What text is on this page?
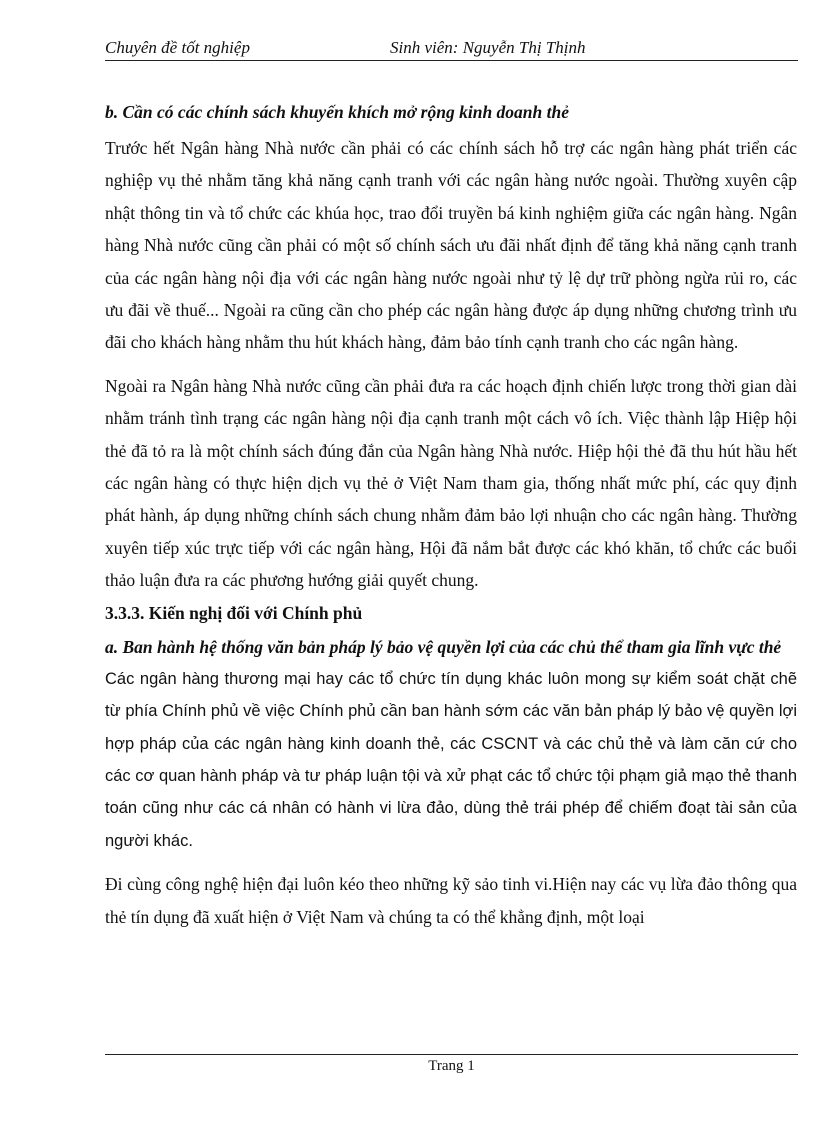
Chuyên đề tốt nghiệp	Sinh viên: Nguyễn Thị Thịnh

b. Cần có các chính sách khuyến khích mở rộng kinh doanh thẻ

Trước hết Ngân hàng Nhà nước cần phải có các chính sách hỗ trợ các ngân hàng phát triển các nghiệp vụ thẻ nhằm tăng khả năng cạnh tranh với các ngân hàng nước ngoài. Thường xuyên cập nhật thông tin và tổ chức các khúa học, trao đổi truyền bá kinh nghiệm giữa các ngân hàng. Ngân hàng Nhà nước cũng cần phải có một số chính sách ưu đãi nhất định để tăng khả năng cạnh tranh của các ngân hàng nội địa với các ngân hàng nước ngoài như tỷ lệ dự trữ phòng ngừa rủi ro, các ưu đãi về thuế... Ngoài ra cũng cần cho phép các ngân hàng được áp dụng những chương trình ưu đãi cho khách hàng nhằm thu hút khách hàng, đảm bảo tính cạnh tranh cho các ngân hàng.

Ngoài ra Ngân hàng Nhà nước cũng cần phải đưa ra các hoạch định chiến lược trong thời gian dài nhằm tránh tình trạng các ngân hàng nội địa cạnh tranh một cách vô ích. Việc thành lập Hiệp hội thẻ đã tỏ ra là một chính sách đúng đắn của Ngân hàng Nhà nước. Hiệp hội thẻ đã thu hút hầu hết các ngân hàng có thực hiện dịch vụ thẻ ở Việt Nam tham gia, thống nhất mức phí, các quy định phát hành, áp dụng những chính sách chung nhằm đảm bảo lợi nhuận cho các ngân hàng. Thường xuyên tiếp xúc trực tiếp với các ngân hàng, Hội đã nắm bắt được các khó khăn, tổ chức các buổi thảo luận đưa ra các phương hướng giải quyết chung.

3.3.3. Kiến nghị đối với Chính phủ

a. Ban hành hệ thống văn bản pháp lý bảo vệ quyền lợi của các chủ thể tham gia lĩnh vực thẻ

Các ngân hàng thương mại hay các tổ chức tín dụng khác luôn mong sự kiểm soát chặt chẽ từ phía Chính phủ về việc Chính phủ cần ban hành sớm các văn bản pháp lý bảo vệ quyền lợi hợp pháp của các ngân hàng kinh doanh thẻ, các CSCNT và các chủ thẻ và làm căn cứ cho các cơ quan hành pháp và tư pháp luận tội và xử phạt các tổ chức tội phạm giả mạo thẻ thanh toán cũng như các cá nhân có hành vi lừa đảo, dùng thẻ trái phép để chiếm đoạt tài sản của người khác.

Đi cùng công nghệ hiện đại luôn kéo theo những kỹ sảo tinh vi.Hiện nay các vụ lừa đảo thông qua thẻ tín dụng đã xuất hiện ở Việt Nam và chúng ta có thể khẳng định, một loại

Trang 1
